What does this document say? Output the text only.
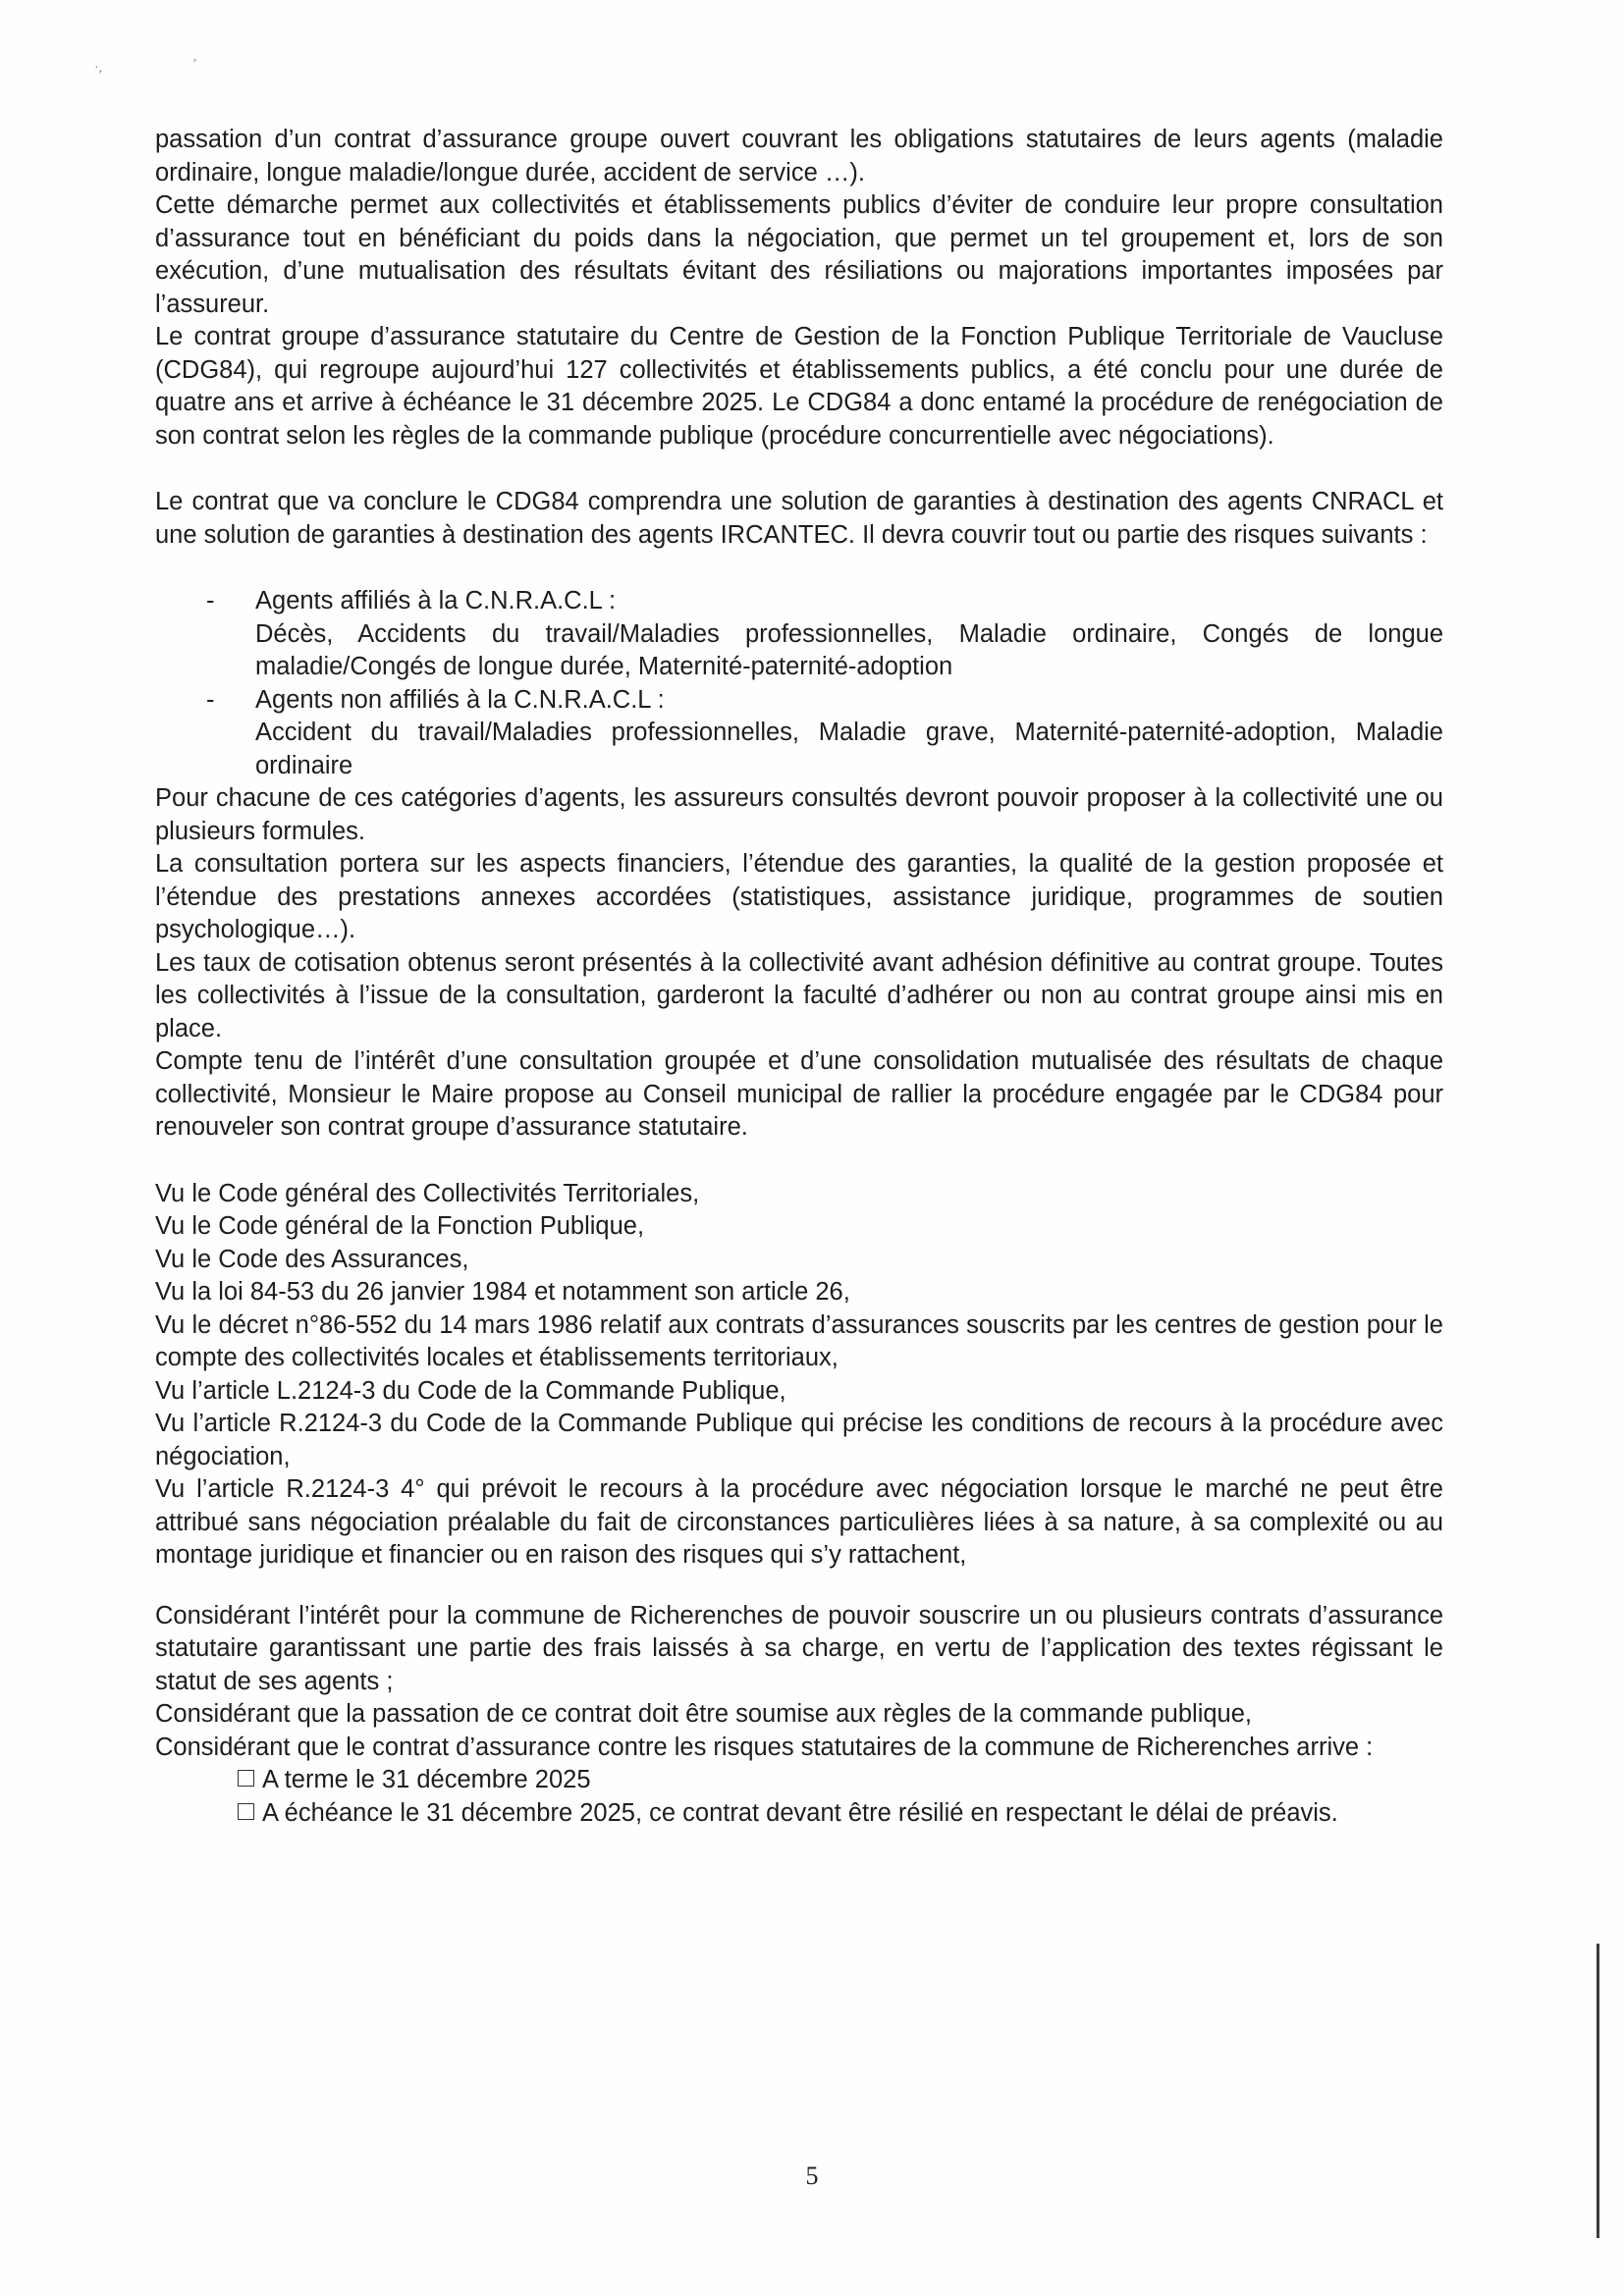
·,	’

passation d’un contrat d’assurance groupe ouvert couvrant les obligations statutaires de leurs agents (maladie ordinaire, longue maladie/longue durée, accident de service …).

Cette démarche permet aux collectivités et établissements publics d’éviter de conduire leur propre consultation d’assurance tout en bénéficiant du poids dans la négociation, que permet un tel groupement et, lors de son exécution, d’une mutualisation des résultats évitant des résiliations ou majorations importantes imposées par l’assureur.

Le contrat groupe d’assurance statutaire du Centre de Gestion de la Fonction Publique Territoriale de Vaucluse (CDG84), qui regroupe aujourd’hui 127 collectivités et établissements publics, a été conclu pour une durée de quatre ans et arrive à échéance le 31 décembre 2025. Le CDG84 a donc entamé la procédure de renégociation de son contrat selon les règles de la commande publique (procédure concurrentielle avec négociations).

Le contrat que va conclure le CDG84 comprendra une solution de garanties à destination des agents CNRACL et une solution de garanties à destination des agents IRCANTEC. Il devra couvrir tout ou partie des risques suivants :

- Agents affiliés à la C.N.R.A.C.L :

Décès, Accidents du travail/Maladies professionnelles, Maladie ordinaire, Congés de longue maladie/Congés de longue durée, Maternité-paternité-adoption

- Agents non affiliés à la C.N.R.A.C.L :

Accident du travail/Maladies professionnelles, Maladie grave, Maternité-paternité-adoption, Maladie ordinaire

Pour chacune de ces catégories d’agents, les assureurs consultés devront pouvoir proposer à la collectivité une ou plusieurs formules.

La consultation portera sur les aspects financiers, l’étendue des garanties, la qualité de la gestion proposée et l’étendue des prestations annexes accordées (statistiques, assistance juridique, programmes de soutien psychologique…).

Les taux de cotisation obtenus seront présentés à la collectivité avant adhésion définitive au contrat groupe. Toutes les collectivités à l’issue de la consultation, garderont la faculté d’adhérer ou non au contrat groupe ainsi mis en place.

Compte tenu de l’intérêt d’une consultation groupée et d’une consolidation mutualisée des résultats de chaque collectivité, Monsieur le Maire propose au Conseil municipal de rallier la procédure engagée par le CDG84 pour renouveler son contrat groupe d’assurance statutaire.

Vu le Code général des Collectivités Territoriales,

Vu le Code général de la Fonction Publique,

Vu le Code des Assurances,

Vu la loi 84-53 du 26 janvier 1984 et notamment son article 26,

Vu le décret n°86-552 du 14 mars 1986 relatif aux contrats d’assurances souscrits par les centres de gestion pour le compte des collectivités locales et établissements territoriaux,

Vu l’article L.2124-3 du Code de la Commande Publique,

Vu l’article R.2124-3 du Code de la Commande Publique qui précise les conditions de recours à la procédure avec négociation,

Vu l’article R.2124-3 4° qui prévoit le recours à la procédure avec négociation lorsque le marché ne peut être attribué sans négociation préalable du fait de circonstances particulières liées à sa nature, à sa complexité ou au montage juridique et financier ou en raison des risques qui s’y rattachent,

Considérant l’intérêt pour la commune de Richerenches de pouvoir souscrire un ou plusieurs contrats d’assurance statutaire garantissant une partie des frais laissés à sa charge, en vertu de l’application des textes régissant le statut de ses agents ;

Considérant que la passation de ce contrat doit être soumise aux règles de la commande publique,

Considérant que le contrat d’assurance contre les risques statutaires de la commune de Richerenches arrive :

A terme le 31 décembre 2025

A échéance le 31 décembre 2025, ce contrat devant être résilié en respectant le délai de préavis.

5
